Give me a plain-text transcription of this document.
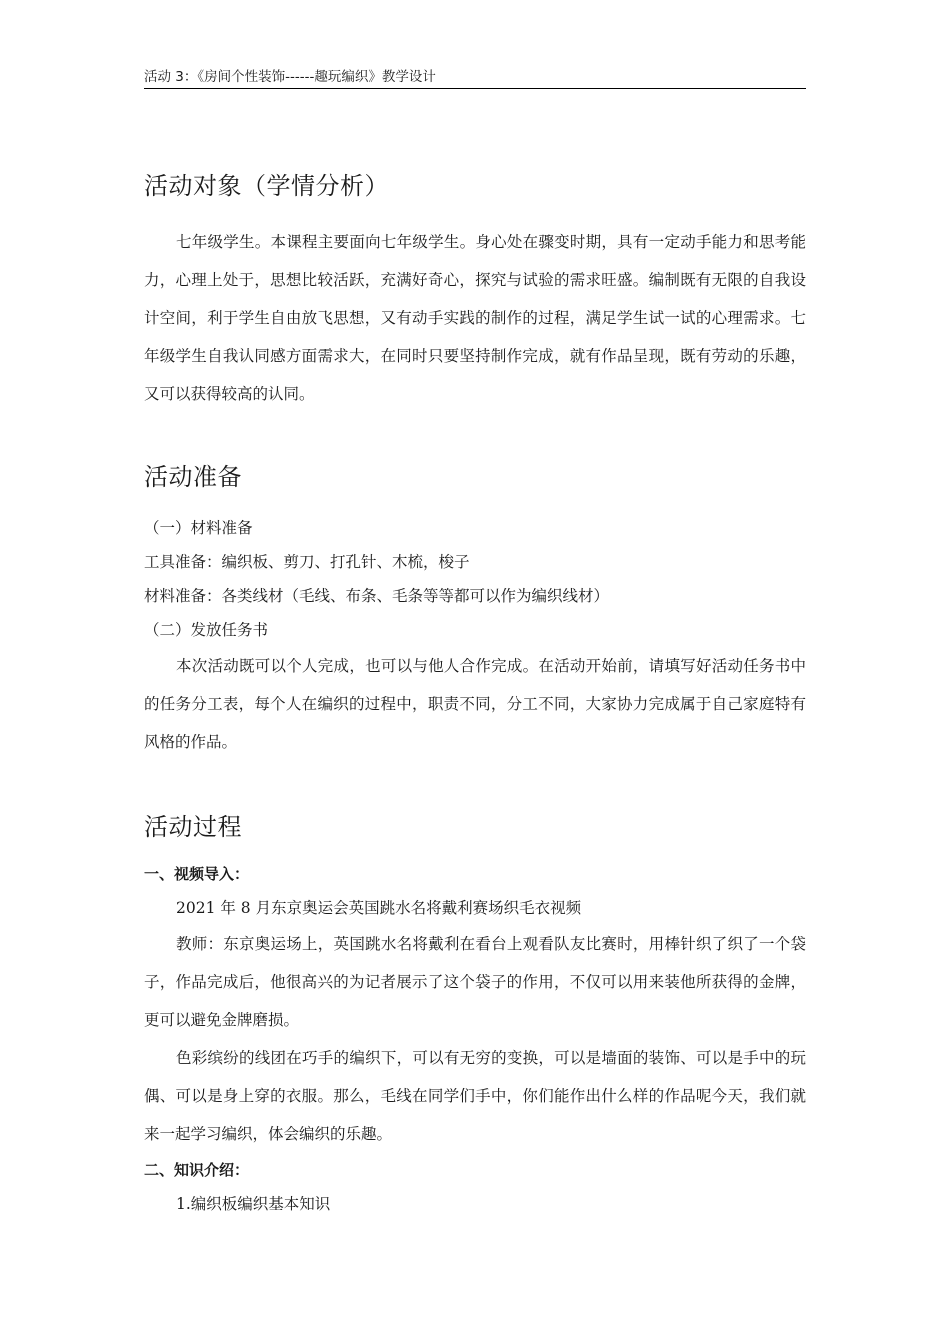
活动 3：《房间个性装饰------趣玩编织》教学设计
活动对象（学情分析）

七年级学生。本课程主要面向七年级学生。身心处在骤变时期，具有一定动手能力和思考能力，心理上处于，思想比较活跃，充满好奇心，探究与试验的需求旺盛。编制既有无限的自我设计空间，利于学生自由放飞思想，又有动手实践的制作的过程，满足学生试一试的心理需求。七年级学生自我认同感方面需求大，在同时只要坚持制作完成，就有作品呈现，既有劳动的乐趣，又可以获得较高的认同。

活动准备

（一）材料准备

工具准备：编织板、剪刀、打孔针、木梳，梭子

材料准备：各类线材（毛线、布条、毛条等等都可以作为编织线材）

（二）发放任务书

本次活动既可以个人完成，也可以与他人合作完成。在活动开始前，请填写好活动任务书中的任务分工表，每个人在编织的过程中，职责不同，分工不同，大家协力完成属于自己家庭特有风格的作品。

活动过程

一、视频导入：

2021 年 8 月东京奥运会英国跳水名将戴利赛场织毛衣视频

教师：东京奥运场上，英国跳水名将戴利在看台上观看队友比赛时，用棒针织了织了一个袋子，作品完成后，他很高兴的为记者展示了这个袋子的作用，不仅可以用来装他所获得的金牌，更可以避免金牌磨损。

色彩缤纷的线团在巧手的编织下，可以有无穷的变换，可以是墙面的装饰、可以是手中的玩偶、可以是身上穿的衣服。那么，毛线在同学们手中，你们能作出什么样的作品呢今天，我们就来一起学习编织，体会编织的乐趣。

二、知识介绍：

1.编织板编织基本知识
